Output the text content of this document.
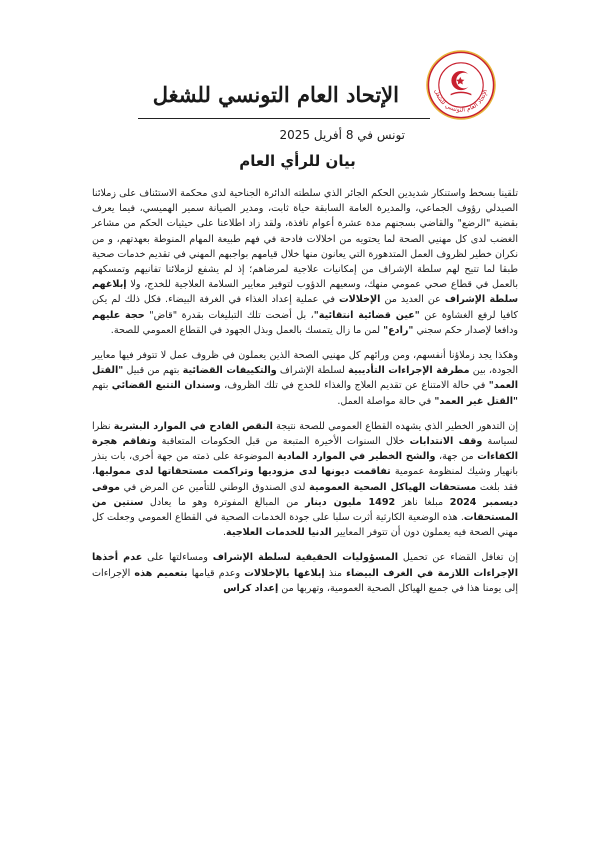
الإتحاد العام التونسي للشغل
الإتحاد العام التونسي للشغل
تونس في 8 أفريل 2025
بيان للرأي العام

تلقينا بسخط واستنكار شديدين الحكم الجائر الذي سلطته الدائرة الجناحية لدى محكمة الاستئناف على زملائنا الصيدلي رؤوف الجماعي، والمديرة العامة السابقة حياة ثابت، ومدير الصيانة سمير الهميسي، فيما يعرف بقضية "الرضع" والقاضي بسجنهم مدة عشرة أعوام نافذة، ولقد زاد اطلاعنا على حيثيات الحكم من مشاعر الغضب لدى كل مهنيي الصحة لما يحتويه من اخلالات فادحة في فهم طبيعة المهام المنوطة بعهدتهم، و من نكران خطير لظروف العمل المتدهورة التي يعانون منها خلال قيامهم بواجبهم المهني في تقديم خدمات صحية طبقا لما تتيح لهم سلطة الإشراف من إمكانيات علاجية لمرضاهم؛ إذ لم يشفع لزملائنا تفانيهم وتمسكهم بالعمل في قطاع صحي عمومي منهك، وسعيهم الدؤوب لتوفير معايير السلامة العلاجية للخدج، ولا إبلاغهم سلطة الإشراف عن العديد من الإخلالات في عملية إعداد الغذاء في الغرفة البيضاء. فكل ذلك لم يكن كافيا لرفع الغشاوة عن "عين قضائية انتقائية"، بل أضحت تلك التبليغات بقدرة "قاض" حجة عليهم ودافعا لإصدار حكم سجني "رادع" لمن ما زال يتمسك بالعمل وبذل الجهود في القطاع العمومي للصحة.

وهكذا يجد زملاؤنا أنفسهم، ومن ورائهم كل مهنيي الصحة الذين يعملون في ظروف عمل لا تتوفر فيها معايير الجودة، بين مطرقة الإجراءات التأديبية لسلطة الإشراف والتكييفات القضائية بتهم من قبيل "القتل العمد" في حالة الامتناع عن تقديم العلاج والغذاء للخدج في تلك الظروف، وسندان التتبع القضائي بتهم "القتل غير العمد" في حالة مواصلة العمل.

إن التدهور الخطير الذي يشهده القطاع العمومي للصحة نتيجة النقص الفادح في الموارد البشرية نظرا لسياسة وقف الانتدابات خلال السنوات الأخيرة المتبعة من قبل الحكومات المتعاقبة وتفاقم هجرة الكفاءات من جهة، والشح الخطير في الموارد المادية الموضوعة على ذمته من جهة أخرى، بات ينذر بانهيار وشيك لمنظومة عمومية تفاقمت ديونها لدى مزوديها وتراكمت مستحقاتها لدى مموليها، فقد بلغت مستحقات الهياكل الصحية العمومية لدى الصندوق الوطني للتأمين عن المرض في موفى ديسمبر 2024 مبلغا ناهز 1492 مليون دينار من المبالغ المفوترة وهو ما يعادل سنتين من المستحقات. هذه الوضعية الكارثية أثرت سلبا على جودة الخدمات الصحية في القطاع العمومي وجعلت كل مهني الصحة فيه يعملون دون أن تتوفر المعايير الدنيا للخدمات العلاجية.

إن تغافل القضاء عن تحميل المسؤوليات الحقيقية لسلطة الإشراف ومساءلتها على عدم أخذها الإجراءات اللازمة في الغرف البيضاء منذ إبلاغها بالإخلالات وعدم قيامها بتعميم هذه الإجراءات إلى يومنا هذا في جميع الهياكل الصحية العمومية، وتهربها من إعداد كراس
